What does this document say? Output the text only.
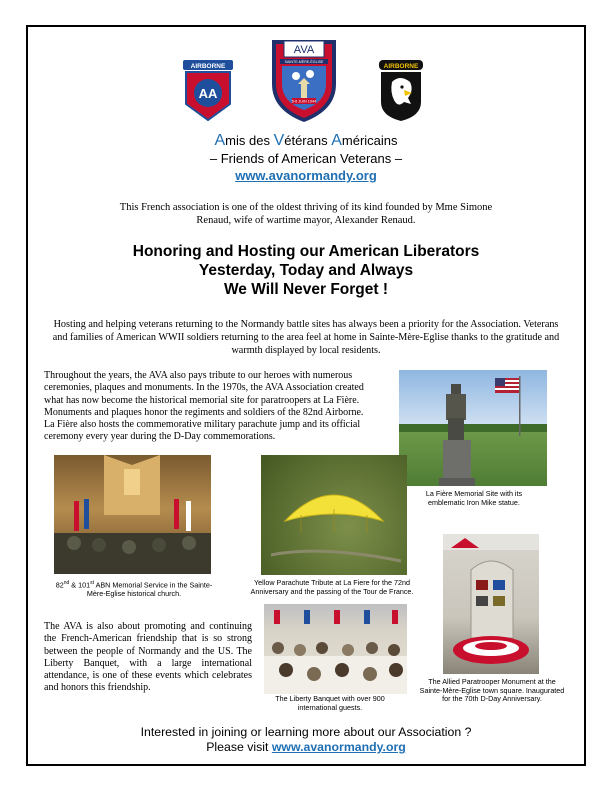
AIRBORNE
AA
AVA
SAINTE-MÈRE-ÉGLISE
5-6 JUIN 1944
AIRBORNE
Amis des Vétérans Américains
– Friends of American Veterans –
www.avanormandy.org
This French association is one of the oldest thriving of its kind founded by Mme Simone Renaud, wife of wartime mayor, Alexander Renaud.
Honoring and Hosting our American Liberators
Yesterday, Today and Always
We Will Never Forget !
Hosting and helping veterans returning to the Normandy battle sites has always been a priority for the Association. Veterans and families of American WWII soldiers returning to the area feel at home in Sainte-Mère-Eglise thanks to the gratitude and warmth displayed by local residents.
Throughout the years, the AVA also pays tribute to our heroes with numerous ceremonies, plaques and monuments. In the 1970s, the AVA Association created what has now become the historical memorial site for paratroopers at La Fière. Monuments and plaques honor the regiments and soldiers of the 82nd Airborne. La Fière also hosts the commemorative military parachute jump and its official ceremony every year during the D-Day commemorations.
La Fière Memorial Site with its emblematic Iron Mike statue.
82nd & 101st ABN Memorial Service in the Sainte-Mère-Eglise historical church.
Yellow Parachute Tribute at La Fiere for the 72nd Anniversary and the passing of the Tour de France.
The AVA is also about promoting and continuing the French-American friendship that is so strong between the people of Normandy and the US. The Liberty Banquet, with a large international attendance, is one of these events which celebrates and honors this friendship.
The Liberty Banquet with over 900 international guests.
The Allied Paratrooper Monument at the Sainte-Mère-Eglise town square. Inaugurated for the 70th D-Day Anniversary.
Interested in joining or learning more about our Association ?
Please visit www.avanormandy.org
